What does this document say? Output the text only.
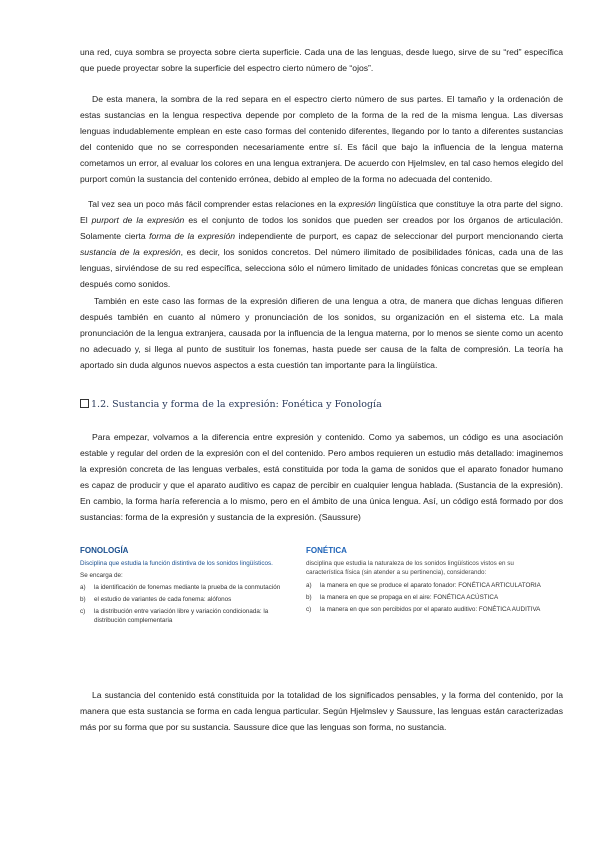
una red, cuya sombra se proyecta sobre cierta superficie. Cada una de las lenguas, desde luego, sirve de su “red” específica que puede proyectar sobre la superficie del espectro cierto número de “ojos”.

De esta manera, la sombra de la red separa en el espectro cierto número de sus partes. El tamaño y la ordenación de estas sustancias en la lengua respectiva depende por completo de la forma de la red de la misma lengua. Las diversas lenguas indudablemente emplean en este caso formas del contenido diferentes, llegando por lo tanto a diferentes sustancias del contenido que no se corresponden necesariamente entre sí. Es fácil que bajo la influencia de la lengua materna cometamos un error, al evaluar los colores en una lengua extranjera. De acuerdo con Hjelmslev, en tal caso hemos elegido del purport común la sustancia del contenido errónea, debido al empleo de la forma no adecuada del contenido.

Tal vez sea un poco más fácil comprender estas relaciones en la expresión lingüística que constituye la otra parte del signo. El purport de la expresión es el conjunto de todos los sonidos que pueden ser creados por los órganos de articulación. Solamente cierta forma de la expresión independiente de purport, es capaz de seleccionar del purport mencionando cierta sustancia de la expresión, es decir, los sonidos concretos. Del número ilimitado de posibilidades fónicas, cada una de las lenguas, sirviéndose de su red específica, selecciona sólo el número limitado de unidades fónicas concretas que se emplean después como sonidos.

También en este caso las formas de la expresión difieren de una lengua a otra, de manera que dichas lenguas difieren después también en cuanto al número y pronunciación de los sonidos, su organización en el sistema etc. La mala pronunciación de la lengua extranjera, causada por la influencia de la lengua materna, por lo menos se siente como un acento no adecuado y, si llega al punto de sustituir los fonemas, hasta puede ser causa de la falta de compresión. La teoría ha aportado sin duda algunos nuevos aspectos a esta cuestión tan importante para la lingüística.

1.2. Sustancia y forma de la expresión: Fonética y Fonología

Para empezar, volvamos a la diferencia entre expresión y contenido. Como ya sabemos, un código es una asociación estable y regular del orden de la expresión con el del contenido. Pero ambos requieren un estudio más detallado: imaginemos la expresión concreta de las lenguas verbales, está constituida por toda la gama de sonidos que el aparato fonador humano es capaz de producir y que el aparato auditivo es capaz de percibir en cualquier lengua hablada. (Sustancia de la expresión). En cambio, la forma haría referencia a lo mismo, pero en el ámbito de una única lengua. Así, un código está formado por dos sustancias: forma de la expresión y sustancia de la expresión. (Saussure)

FONOLOGÍA
Disciplina que estudia la función distintiva de los sonidos lingüísticos.
Se encarga de:
a)	la identificación de fonemas mediante la prueba de la conmutación
b)	el estudio de variantes de cada fonema: alófonos
c)	la distribución entre variación libre y variación condicionada: la distribución complementaria
FONÉTICA
disciplina que estudia la naturaleza de los sonidos lingüísticos vistos en su característica física (sin atender a su pertinencia), considerando:
a)	la manera en que se produce el aparato fonador: FONÉTICA ARTICULATORIA
b)	la manera en que se propaga en el aire: FONÉTICA ACÚSTICA
c)	la manera en que son percibidos por el aparato auditivo: FONÉTICA AUDITIVA

La sustancia del contenido está constituida por la totalidad de los significados pensables, y la forma del contenido, por la manera que esta sustancia se forma en cada lengua particular. Según Hjelmslev y Saussure, las lenguas están caracterizadas más por su forma que por su sustancia. Saussure dice que las lenguas son forma, no sustancia.
